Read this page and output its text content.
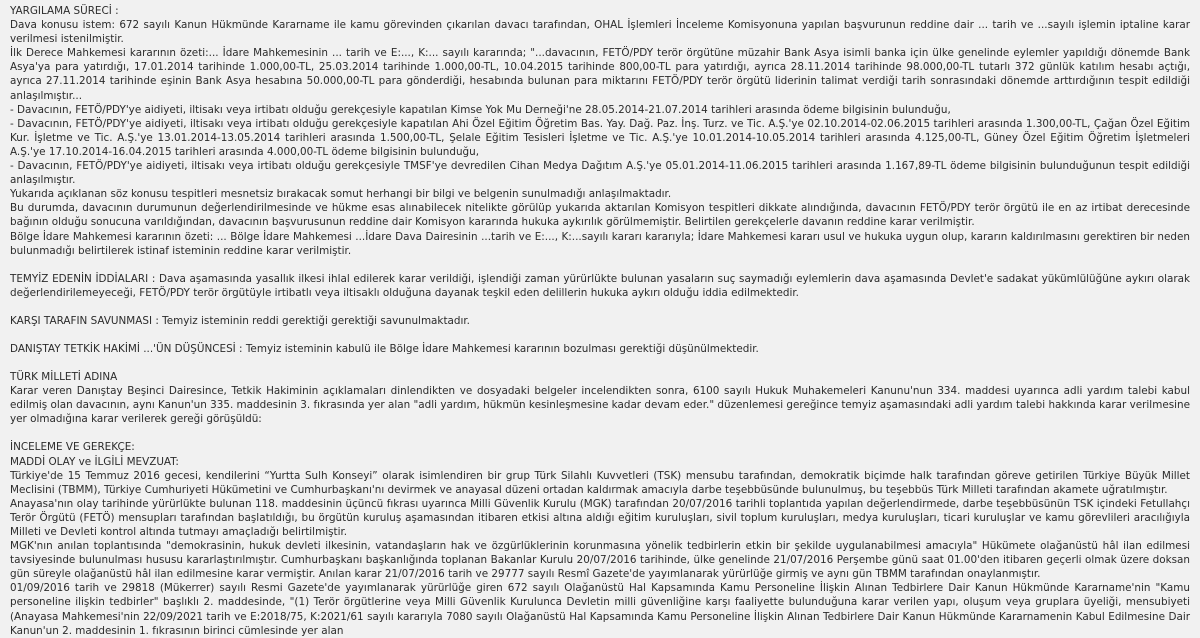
YARGILAMA SÜRECİ :
Dava konusu istem: 672 sayılı Kanun Hükmünde Kararname ile kamu görevinden çıkarılan davacı tarafından, OHAL İşlemleri İnceleme Komisyonuna yapılan başvurunun reddine dair ... tarih ve ...sayılı işlemin iptaline karar verilmesi istenilmiştir.
İlk Derece Mahkemesi kararının özeti:... İdare Mahkemesinin ... tarih ve E:..., K:... sayılı kararında; "...davacının, FETÖ/PDY terör örgütüne müzahir Bank Asya isimli banka için ülke genelinde eylemler yapıldığı dönemde Bank Asya'ya para yatırdığı, 17.01.2014 tarihinde 1.000,00-TL, 25.03.2014 tarihinde 1.000,00-TL, 10.04.2015 tarihinde 800,00-TL para yatırdığı, ayrıca 28.11.2014 tarihinde 98.000,00-TL tutarlı 372 günlük katılım hesabı açtığı, ayrıca 27.11.2014 tarihinde eşinin Bank Asya hesabına 50.000,00-TL para gönderdiği, hesabında bulunan para miktarını FETÖ/PDY terör örgütü liderinin talimat verdiği tarih sonrasındaki dönemde arttırdığının tespit edildiği anlaşılmıştır...
- Davacının, FETÖ/PDY'ye aidiyeti, iltisakı veya irtibatı olduğu gerekçesiyle kapatılan Kimse Yok Mu Derneği'ne 28.05.2014-21.07.2014 tarihleri arasında ödeme bilgisinin bulunduğu,
- Davacının, FETÖ/PDY'ye aidiyeti, iltisakı veya irtibatı olduğu gerekçesiyle kapatılan Ahi Özel Eğitim Öğretim Bas. Yay. Dağ. Paz. İnş. Turz. ve Tic. A.Ş.'ye 02.10.2014-02.06.2015 tarihleri arasında 1.300,00-TL, Çağan Özel Eğitim Kur. İşletme ve Tic. A.Ş.'ye 13.01.2014-13.05.2014 tarihleri arasında 1.500,00-TL, Şelale Eğitim Tesisleri İşletme ve Tic. A.Ş.'ye 10.01.2014-10.05.2014 tarihleri arasında 4.125,00-TL, Güney Özel Eğitim Öğretim İşletmeleri A.Ş.'ye 17.10.2014-16.04.2015 tarihleri arasında 4.000,00-TL ödeme bilgisinin bulunduğu,
- Davacının, FETÖ/PDY'ye aidiyeti, iltisakı veya irtibatı olduğu gerekçesiyle TMSF'ye devredilen Cihan Medya Dağıtım A.Ş.'ye 05.01.2014-11.06.2015 tarihleri arasında 1.167,89-TL ödeme bilgisinin bulunduğunun tespit edildiği anlaşılmıştır.
Yukarıda açıklanan söz konusu tespitleri mesnetsiz bırakacak somut herhangi bir bilgi ve belgenin sunulmadığı anlaşılmaktadır.
Bu durumda, davacının durumunun değerlendirilmesinde ve hükme esas alınabilecek nitelikte görülüp yukarıda aktarılan Komisyon tespitleri dikkate alındığında, davacının FETÖ/PDY terör örgütü ile en az irtibat derecesinde bağının olduğu sonucuna varıldığından, davacının başvurusunun reddine dair Komisyon kararında hukuka aykırılık görülmemiştir. Belirtilen gerekçelerle davanın reddine karar verilmiştir.
Bölge İdare Mahkemesi kararının özeti: ... Bölge İdare Mahkemesi ...İdare Dava Dairesinin ...tarih ve E:..., K:...sayılı kararı kararıyla; İdare Mahkemesi kararı usul ve hukuka uygun olup, kararın kaldırılmasını gerektiren bir neden bulunmadığı belirtilerek istinaf isteminin reddine karar verilmiştir.
TEMYİZ EDENİN İDDİALARI : Dava aşamasında yasallık ilkesi ihlal edilerek karar verildiği, işlendiği zaman yürürlükte bulunan yasaların suç saymadığı eylemlerin dava aşamasında Devlet'e sadakat yükümlülüğüne aykırı olarak değerlendirilemeyeceği, FETÖ/PDY terör örgütüyle irtibatlı veya iltisaklı olduğuna dayanak teşkil eden delillerin hukuka aykırı olduğu iddia edilmektedir.
KARŞI TARAFIN SAVUNMASI : Temyiz isteminin reddi gerektiği gerektiği savunulmaktadır.
DANIŞTAY TETKİK HAKİMİ ...'ÜN DÜŞÜNCESİ : Temyiz isteminin kabulü ile Bölge İdare Mahkemesi kararının bozulması gerektiği düşünülmektedir.
TÜRK MİLLETİ ADINA
Karar veren Danıştay Beşinci Dairesince, Tetkik Hakiminin açıklamaları dinlendikten ve dosyadaki belgeler incelendikten sonra, 6100 sayılı Hukuk Muhakemeleri Kanunu'nun 334. maddesi uyarınca adli yardım talebi kabul edilmiş olan davacının, aynı Kanun'un 335. maddesinin 3. fıkrasında yer alan "adli yardım, hükmün kesinleşmesine kadar devam eder." düzenlemesi gereğince temyiz aşamasındaki adli yardım talebi hakkında karar verilmesine yer olmadığına karar verilerek gereği görüşüldü:
İNCELEME VE GEREKÇE:
MADDİ OLAY ve İLGİLİ MEVZUAT:
Türkiye'de 15 Temmuz 2016 gecesi, kendilerini “Yurtta Sulh Konseyi” olarak isimlendiren bir grup Türk Silahlı Kuvvetleri (TSK) mensubu tarafından, demokratik biçimde halk tarafından göreve getirilen Türkiye Büyük Millet Meclisini (TBMM), Türkiye Cumhuriyeti Hükümetini ve Cumhurbaşkanı'nı devirmek ve anayasal düzeni ortadan kaldırmak amacıyla darbe teşebbüsünde bulunulmuş, bu teşebbüs Türk Milleti tarafından akamete uğratılmıştır.
Anayasa'nın olay tarihinde yürürlükte bulunan 118. maddesinin üçüncü fıkrası uyarınca Milli Güvenlik Kurulu (MGK) tarafından 20/07/2016 tarihli toplantıda yapılan değerlendirmede, darbe teşebbüsünün TSK içindeki Fetullahçı Terör Örgütü (FETÖ) mensupları tarafından başlatıldığı, bu örgütün kuruluş aşamasından itibaren etkisi altına aldığı eğitim kuruluşları, sivil toplum kuruluşları, medya kuruluşları, ticari kuruluşlar ve kamu görevlileri aracılığıyla Milleti ve Devleti kontrol altında tutmayı amaçladığı belirtilmiştir.
MGK'nın anılan toplantısında "demokrasinin, hukuk devleti ilkesinin, vatandaşların hak ve özgürlüklerinin korunmasına yönelik tedbirlerin etkin bir şekilde uygulanabilmesi amacıyla" Hükümete olağanüstü hâl ilan edilmesi tavsiyesinde bulunulması hususu kararlaştırılmıştır. Cumhurbaşkanı başkanlığında toplanan Bakanlar Kurulu 20/07/2016 tarihinde, ülke genelinde 21/07/2016 Perşembe günü saat 01.00'den itibaren geçerli olmak üzere doksan gün süreyle olağanüstü hâl ilan edilmesine karar vermiştir. Anılan karar 21/07/2016 tarih ve 29777 sayılı Resmî Gazete'de yayımlanarak yürürlüğe girmiş ve aynı gün TBMM tarafından onaylanmıştır.
01/09/2016 tarih ve 29818 (Mükerrer) sayılı Resmi Gazete'de yayımlanarak yürürlüğe giren 672 sayılı Olağanüstü Hal Kapsamında Kamu Personeline İlişkin Alınan Tedbirlere Dair Kanun Hükmünde Kararname'nin "Kamu personeline ilişkin tedbirler" başlıklı 2. maddesinde, "(1) Terör örgütlerine veya Milli Güvenlik Kurulunca Devletin milli güvenliğine karşı faaliyette bulunduğuna karar verilen yapı, oluşum veya gruplara üyeliği, mensubiyeti (Anayasa Mahkemesi'nin 22/09/2021 tarih ve E:2018/75, K:2021/61 sayılı kararıyla 7080 sayılı Olağanüstü Hal Kapsamında Kamu Personeline İlişkin Alınan Tedbirlere Dair Kanun Hükmünde Kararnamenin Kabul Edilmesine Dair Kanun'un 2. maddesinin 1. fıkrasının birinci cümlesinde yer alan
